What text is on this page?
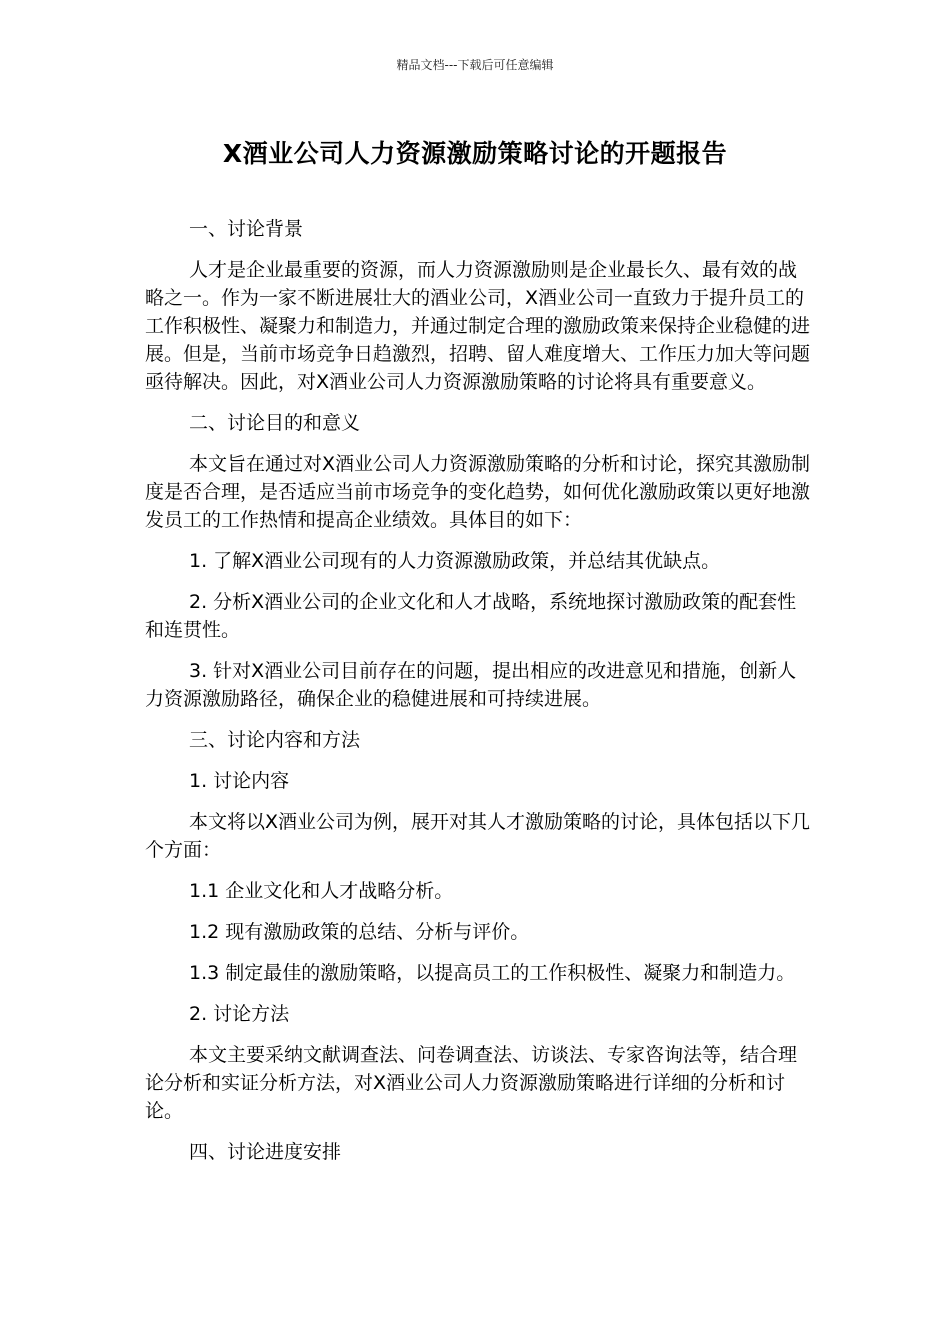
精品文档---下载后可任意编辑
X酒业公司人力资源激励策略讨论的开题报告

一、讨论背景

人才是企业最重要的资源，而人力资源激励则是企业最长久、最有效的战略之一。作为一家不断进展壮大的酒业公司，X酒业公司一直致力于提升员工的工作积极性、凝聚力和制造力，并通过制定合理的激励政策来保持企业稳健的进展。但是，当前市场竞争日趋激烈，招聘、留人难度增大、工作压力加大等问题亟待解决。因此，对X酒业公司人力资源激励策略的讨论将具有重要意义。

二、讨论目的和意义

本文旨在通过对X酒业公司人力资源激励策略的分析和讨论，探究其激励制度是否合理，是否适应当前市场竞争的变化趋势，如何优化激励政策以更好地激发员工的工作热情和提高企业绩效。具体目的如下：

1. 了解X酒业公司现有的人力资源激励政策，并总结其优缺点。

2. 分析X酒业公司的企业文化和人才战略，系统地探讨激励政策的配套性和连贯性。

3. 针对X酒业公司目前存在的问题，提出相应的改进意见和措施，创新人力资源激励路径，确保企业的稳健进展和可持续进展。

三、讨论内容和方法

1. 讨论内容

本文将以X酒业公司为例，展开对其人才激励策略的讨论，具体包括以下几个方面：

1.1 企业文化和人才战略分析。

1.2 现有激励政策的总结、分析与评价。

1.3 制定最佳的激励策略，以提高员工的工作积极性、凝聚力和制造力。

2. 讨论方法

本文主要采纳文献调查法、问卷调查法、访谈法、专家咨询法等，结合理论分析和实证分析方法，对X酒业公司人力资源激励策略进行详细的分析和讨论。

四、讨论进度安排
